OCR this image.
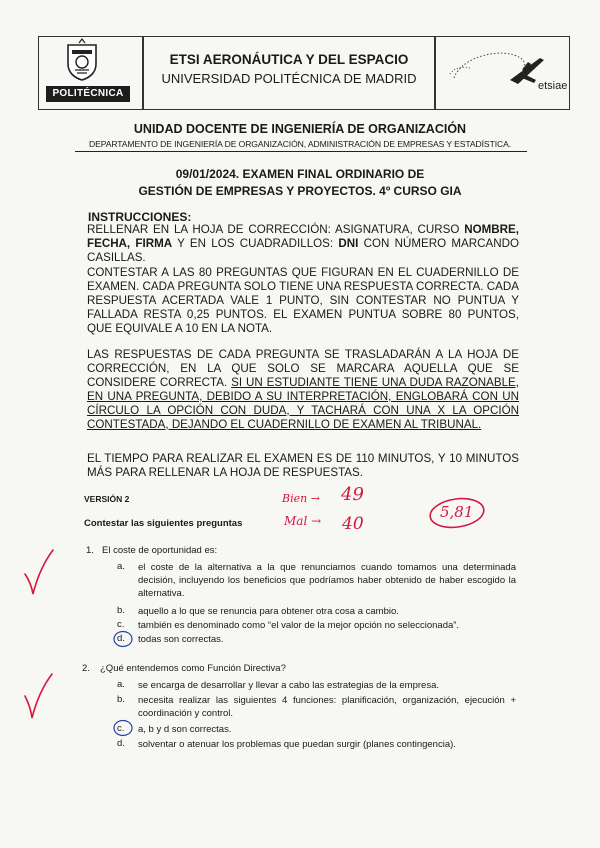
POLITÉCNICA
ETSI AERONÁUTICA Y DEL ESPACIO
UNIVERSIDAD POLITÉCNICA DE MADRID	etsiae
UNIDAD DOCENTE DE INGENIERÍA DE ORGANIZACIÓN
DEPARTAMENTO DE INGENIERÍA DE ORGANIZACIÓN, ADMINISTRACIÓN DE EMPRESAS Y ESTADÍSTICA.
09/01/2024. EXAMEN FINAL ORDINARIO DE
GESTIÓN DE EMPRESAS Y PROYECTOS. 4º CURSO GIA
INSTRUCCIONES:
RELLENAR EN LA HOJA DE CORRECCIÓN: ASIGNATURA, CURSO NOMBRE, FECHA, FIRMA Y EN LOS CUADRADILLOS: DNI CON NÚMERO MARCANDO CASILLAS.
CONTESTAR A LAS 80 PREGUNTAS QUE FIGURAN EN EL CUADERNILLO DE EXAMEN. CADA PREGUNTA SOLO TIENE UNA RESPUESTA CORRECTA. CADA RESPUESTA ACERTADA VALE 1 PUNTO, SIN CONTESTAR NO PUNTUA Y FALLADA RESTA 0,25 PUNTOS. EL EXAMEN PUNTUA SOBRE 80 PUNTOS, QUE EQUIVALE A 10 EN LA NOTA.
LAS RESPUESTAS DE CADA PREGUNTA SE TRASLADARÁN A LA HOJA DE CORRECCIÓN, EN LA QUE SOLO SE MARCARA AQUELLA QUE SE CONSIDERE CORRECTA. SI UN ESTUDIANTE TIENE UNA DUDA RAZONABLE, EN UNA PREGUNTA, DEBIDO A SU INTERPRETACIÓN, ENGLOBARÁ CON UN CÍRCULO LA OPCIÓN CON DUDA, Y TACHARÁ CON UNA X LA OPCIÓN CONTESTADA, DEJANDO EL CUADERNILLO DE EXAMEN AL TRIBUNAL.
EL TIEMPO PARA REALIZAR EL EXAMEN ES DE 110 MINUTOS, Y 10 MINUTOS MÁS PARA RELLENAR LA HOJA DE RESPUESTAS.
VERSIÓN 2
Contestar las siguientes preguntas
Bien → 49
Mal → 40
5,81
1. El coste de oportunidad es:
a.	el coste de la alternativa a la que renunciamos cuando tomamos una determinada decisión, incluyendo los beneficios que podríamos haber obtenido de haber escogido la alternativa.
b.	aquello a lo que se renuncia para obtener otra cosa a cambio.
c.	también es denominado como “el valor de la mejor opción no seleccionada”.
d.	todas son correctas.
2. ¿Qué entendemos como Función Directiva?
a.	se encarga de desarrollar y llevar a cabo las estrategias de la empresa.
b.	necesita realizar las siguientes 4 funciones: planificación, organización, ejecución + coordinación y control.
c.	a, b y d son correctas.
d.	solventar o atenuar los problemas que puedan surgir (planes contingencia).
